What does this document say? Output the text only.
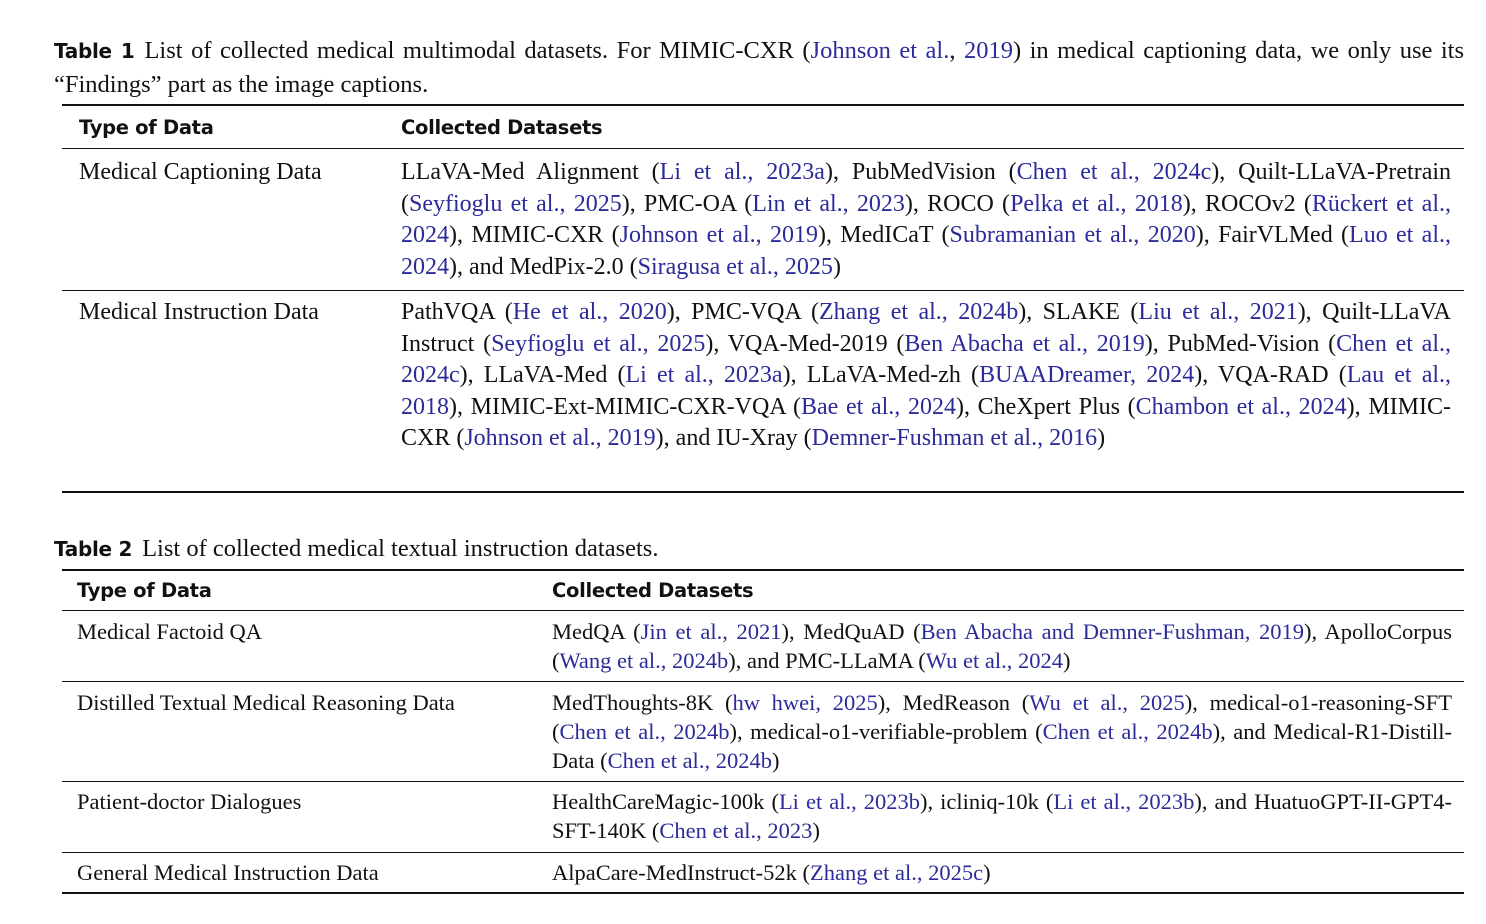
Table 1 List of collected medical multimodal datasets. For MIMIC-CXR (Johnson et al., 2019) in medical captioning data, we only use its “Findings” part as the image captions.
Type of Data	Collected Datasets
Medical Captioning Data	LLaVA-Med Alignment (Li et al., 2023a), PubMedVision (Chen et al., 2024c), Quilt-LLaVA-Pretrain (Seyfioglu et al., 2025), PMC-OA (Lin et al., 2023), ROCO (Pelka et al., 2018), ROCOv2 (Rückert et al., 2024), MIMIC-CXR (Johnson et al., 2019), MedICaT (Subramanian et al., 2020), FairVLMed (Luo et al., 2024), and MedPix-2.0 (Siragusa et al., 2025)
Medical Instruction Data	PathVQA (He et al., 2020), PMC-VQA (Zhang et al., 2024b), SLAKE (Liu et al., 2021), Quilt-LLaVA Instruct (Seyfioglu et al., 2025), VQA-Med-2019 (Ben Abacha et al., 2019), PubMed-Vision (Chen et al., 2024c), LLaVA-Med (Li et al., 2023a), LLaVA-Med-zh (BUAADreamer, 2024), VQA-RAD (Lau et al., 2018), MIMIC-Ext-MIMIC-CXR-VQA (Bae et al., 2024), CheXpert Plus (Chambon et al., 2024), MIMIC-CXR (Johnson et al., 2019), and IU-Xray (Demner-Fushman et al., 2016)
Table 2 List of collected medical textual instruction datasets.
Type of Data	Collected Datasets
Medical Factoid QA	MedQA (Jin et al., 2021), MedQuAD (Ben Abacha and Demner-Fushman, 2019), ApolloCorpus (Wang et al., 2024b), and PMC-LLaMA (Wu et al., 2024)
Distilled Textual Medical Reasoning Data	MedThoughts-8K (hw hwei, 2025), MedReason (Wu et al., 2025), medical-o1-reasoning-SFT (Chen et al., 2024b), medical-o1-verifiable-problem (Chen et al., 2024b), and Medical-R1-Distill-Data (Chen et al., 2024b)
Patient-doctor Dialogues	HealthCareMagic-100k (Li et al., 2023b), icliniq-10k (Li et al., 2023b), and HuatuoGPT-II-GPT4-SFT-140K (Chen et al., 2023)
General Medical Instruction Data	AlpaCare-MedInstruct-52k (Zhang et al., 2025c)
